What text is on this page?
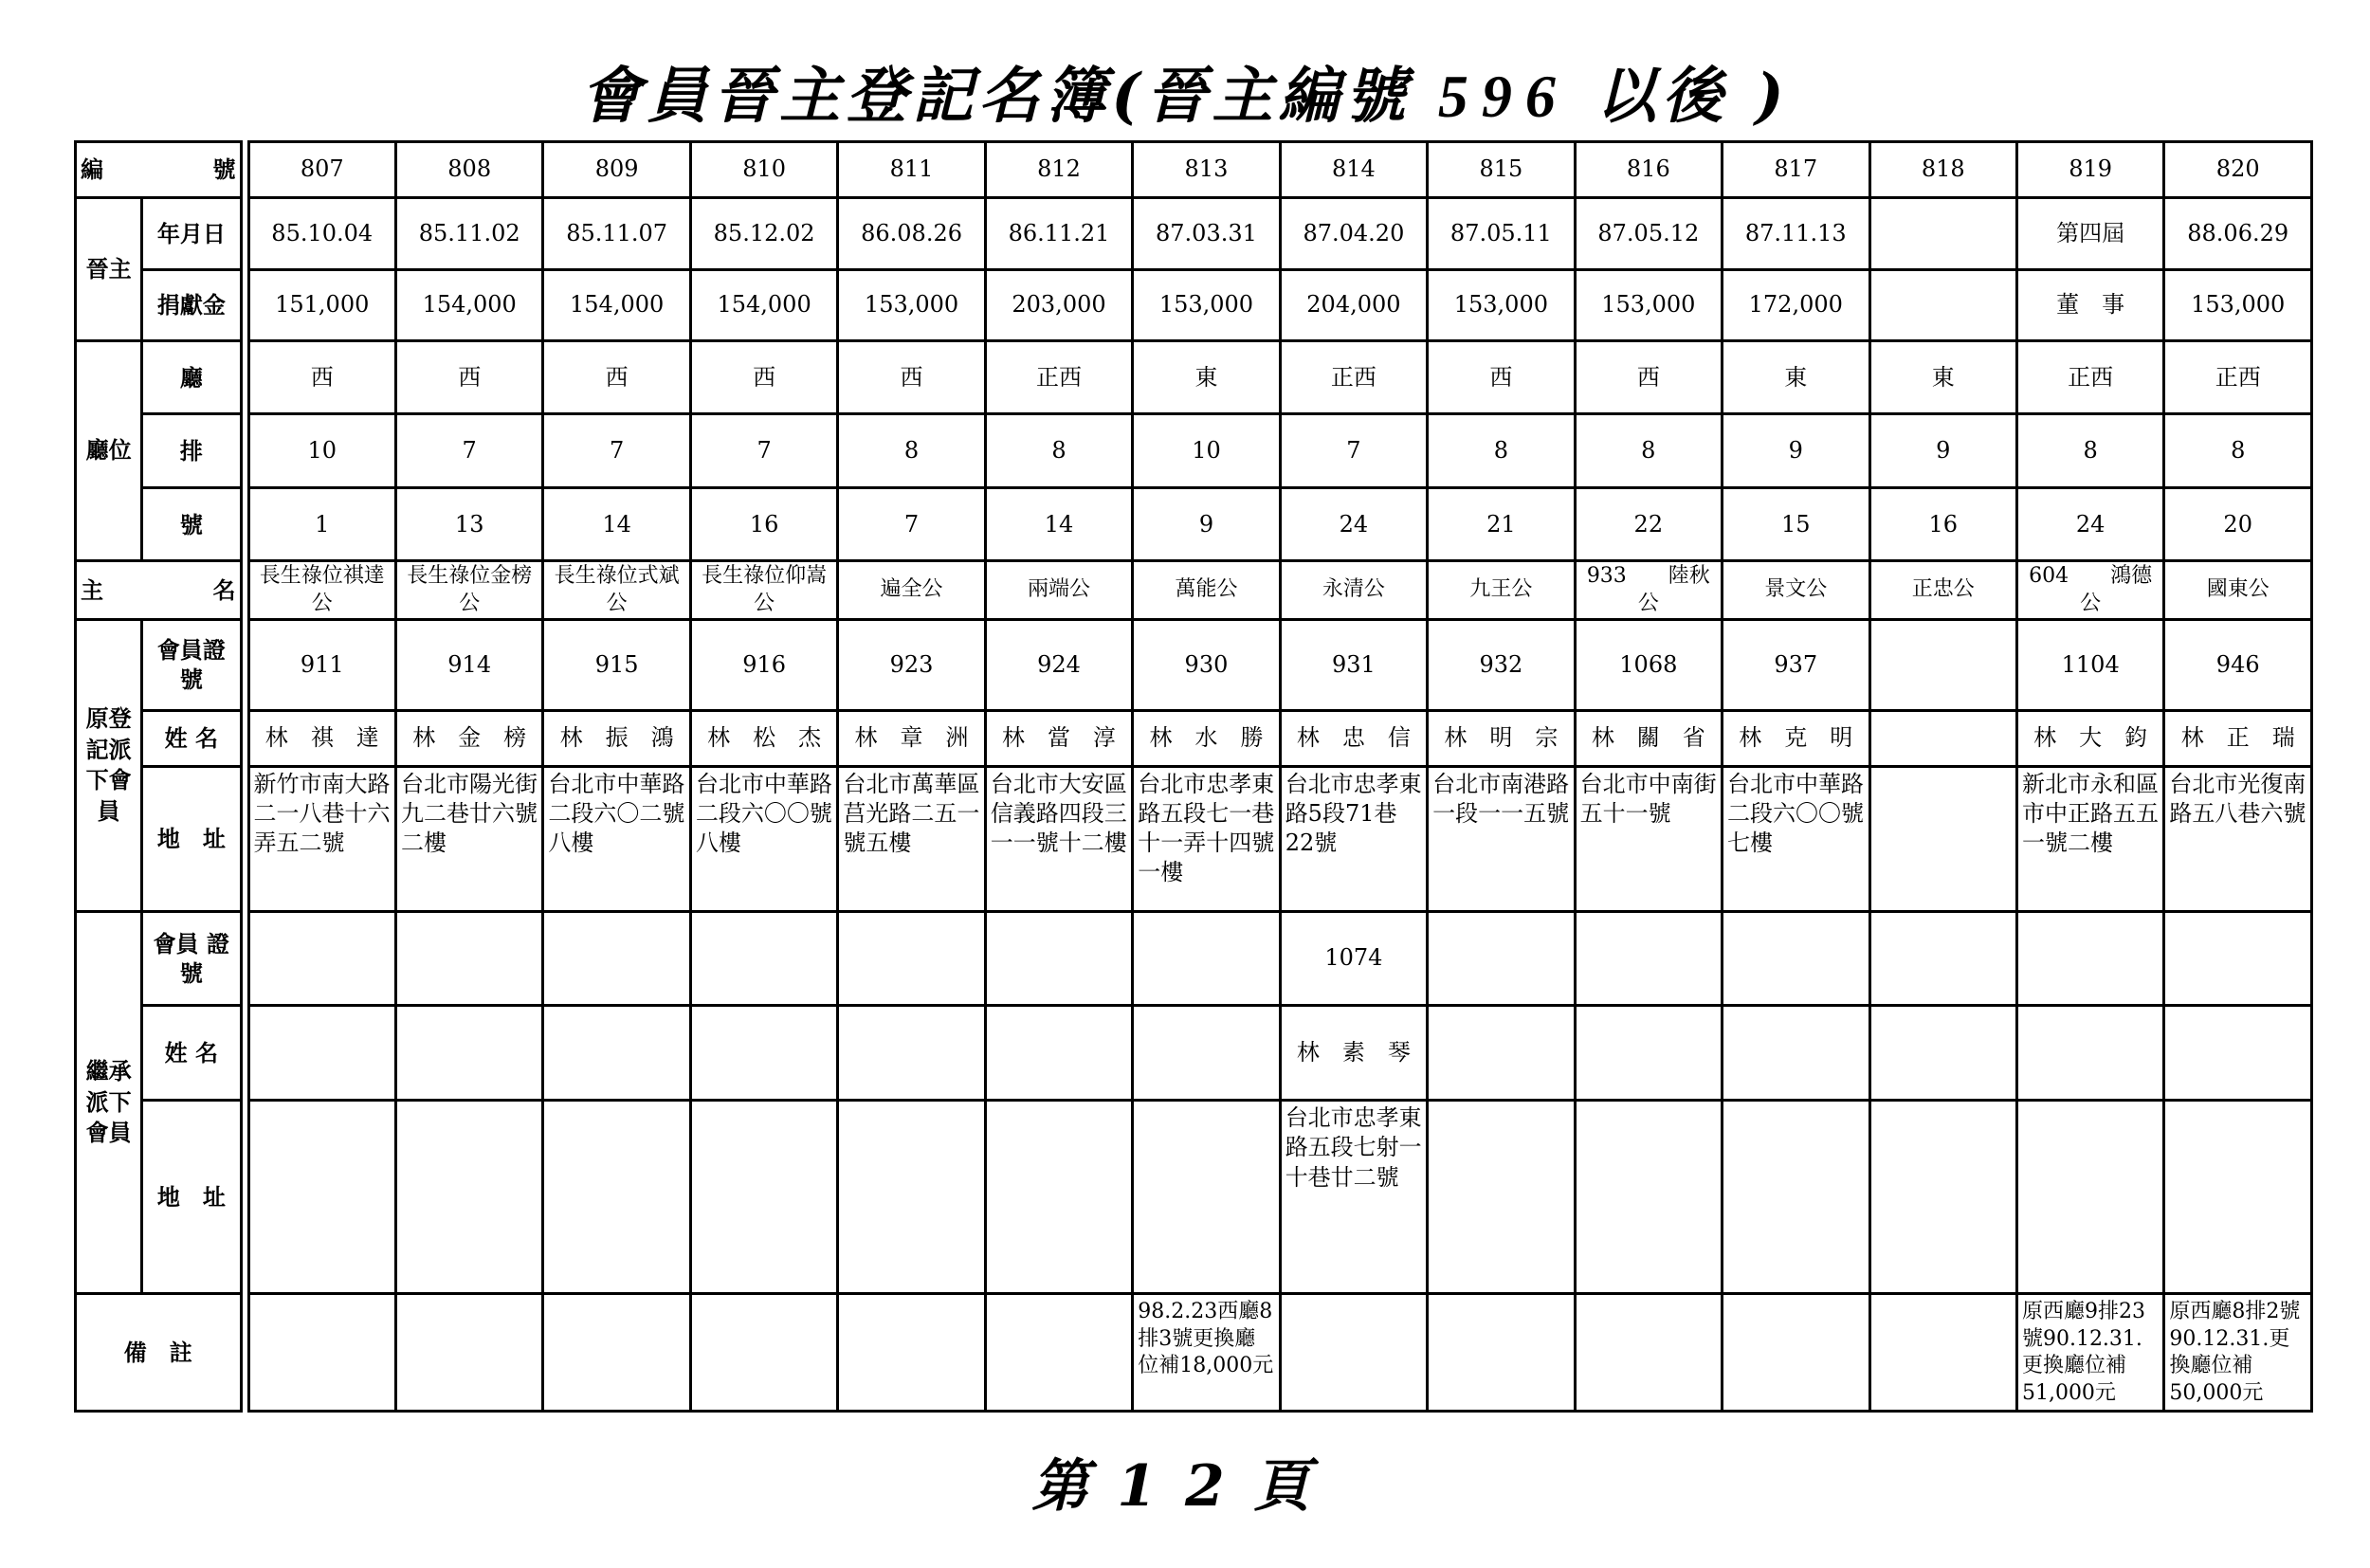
會員晉主登記名簿(晉主編號 596 以後 )
編　號			807	808	809	810	811	812	813	814	815	816	817	818	819	820
晉主	年月日		85.10.04	85.11.02	85.11.07	85.12.02	86.08.26	86.11.21	87.03.31	87.04.20	87.05.11	87.05.12	87.11.13		第四屆	88.06.29
	捐獻金		151,000	154,000	154,000	154,000	153,000	203,000	153,000	204,000	153,000	153,000	172,000		董　事	153,000
廳位	廳		西	西	西	西	西	正西	東	正西	西	西	東	東	正西	正西
	排		10	7	7	7	8	8	10	7	8	8	9	9	8	8
	號		1	13	14	16	7	14	9	24	21	22	15	16	24	20
主　　名			長生祿位祺達公	長生祿位金榜公	長生祿位式斌公	長生祿位仰嵩公	遍全公	兩端公	萬能公	永清公	九王公	933　　陸秋公	景文公	正忠公	604　　鴻德公	國東公
原登記派下會員	會員證號		911	914	915	916	923	924	930	931	932	1068	937		1104	946
	姓 名		林　祺　達	林　金　榜	林　振　鴻	林　松　杰	林　章　洲	林　當　淳	林　水　勝	林　忠　信	林　明　宗	林　關　省	林　克　明		林　大　鈞	林　正　瑞
	地　址		新竹市南大路二一八巷十六弄五二號	台北市陽光街九二巷廿六號二樓	台北市中華路二段六〇二號八樓	台北市中華路二段六〇〇號八樓	台北市萬華區莒光路二五一號五樓	台北市大安區信義路四段三一一號十二樓	台北市忠孝東路五段七一巷十一弄十四號一樓	台北市忠孝東路5段71巷22號	台北市南港路一段一一五號	台北市中南街五十一號	台北市中華路二段六〇〇號七樓		新北市永和區市中正路五五一號二樓	台北市光復南路五八巷六號
繼承派下會員	會員 證號									1074						
	姓 名									林　素　琴						
	地　址									台北市忠孝東路五段七射一十巷廿二號						
備　註									98.2.23西廳8排3號更換廳位補18,000元						原西廳9排23號90.12.31.更換廳位補51,000元	原西廳8排2號90.12.31.更換廳位補50,000元
第12頁
